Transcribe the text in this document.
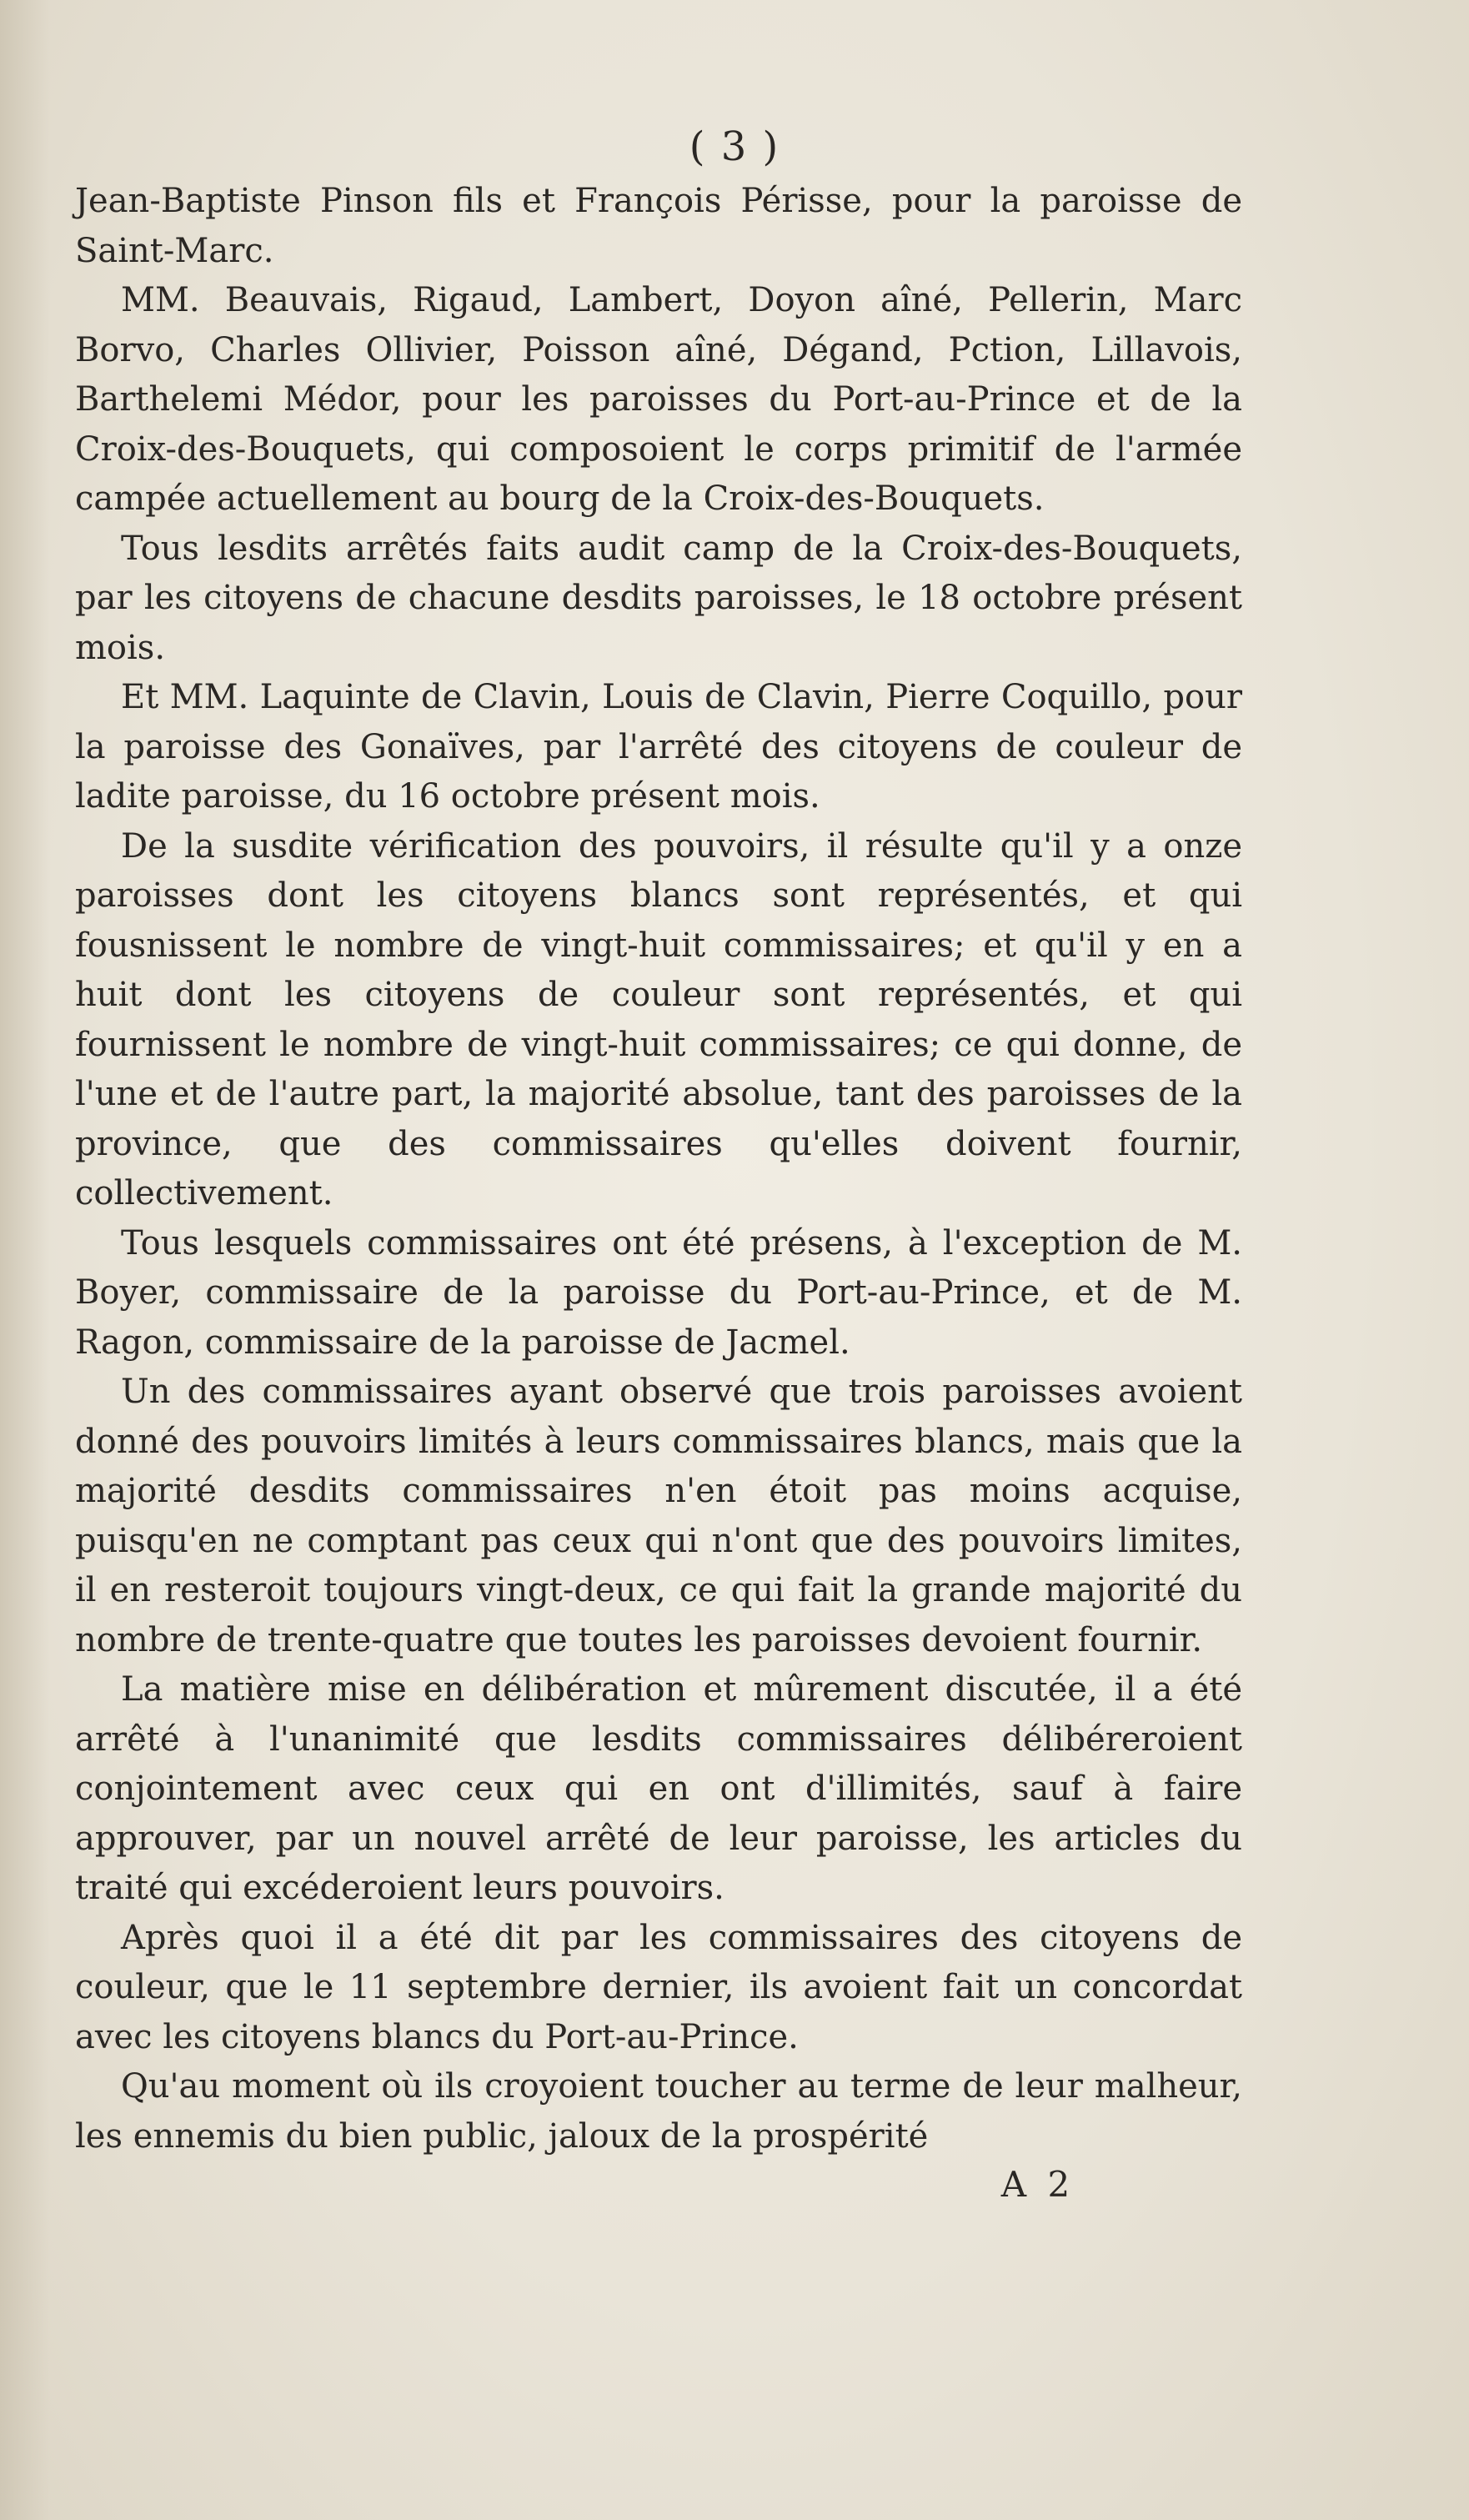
( 3 )

Jean-Baptiste Pinson fils et François Périsse, pour la paroisse de Saint-Marc.

MM. Beauvais, Rigaud, Lambert, Doyon aîné, Pellerin, Marc Borvo, Charles Ollivier, Poisson aîné, Dégand, Pction, Lillavois, Barthelemi Médor, pour les paroisses du Port-au-Prince et de la Croix-des-Bouquets, qui composoient le corps primitif de l'armée campée actuellement au bourg de la Croix-des-Bouquets.

Tous lesdits arrêtés faits audit camp de la Croix-des-Bouquets, par les citoyens de chacune desdits paroisses, le 18 octobre présent mois.

Et MM. Laquinte de Clavin, Louis de Clavin, Pierre Coquillo, pour la paroisse des Gonaïves, par l'arrêté des citoyens de couleur de ladite paroisse, du 16 octobre présent mois.

De la susdite vérification des pouvoirs, il résulte qu'il y a onze paroisses dont les citoyens blancs sont représentés, et qui fousnissent le nombre de vingt-huit commissaires; et qu'il y en a huit dont les citoyens de couleur sont représentés, et qui fournissent le nombre de vingt-huit commissaires; ce qui donne, de l'une et de l'autre part, la majorité absolue, tant des paroisses de la province, que des commissaires qu'elles doivent fournir, collectivement.

Tous lesquels commissaires ont été présens, à l'exception de M. Boyer, commissaire de la paroisse du Port-au-Prince, et de M. Ragon, commissaire de la paroisse de Jacmel.

Un des commissaires ayant observé que trois paroisses avoient donné des pouvoirs limités à leurs commissaires blancs, mais que la majorité desdits commissaires n'en étoit pas moins acquise, puisqu'en ne comptant pas ceux qui n'ont que des pouvoirs limites, il en resteroit toujours vingt-deux, ce qui fait la grande majorité du nombre de trente-quatre que toutes les paroisses devoient fournir.

La matière mise en délibération et mûrement discutée, il a été arrêté à l'unanimité que lesdits commissaires délibéreroient conjointement avec ceux qui en ont d'illimités, sauf à faire approuver, par un nouvel arrêté de leur paroisse, les articles du traité qui excéderoient leurs pouvoirs.

Après quoi il a été dit par les commissaires des citoyens de couleur, que le 11 septembre dernier, ils avoient fait un concordat avec les citoyens blancs du Port-au-Prince.

Qu'au moment où ils croyoient toucher au terme de leur malheur, les ennemis du bien public, jaloux de la prospérité

A 2
